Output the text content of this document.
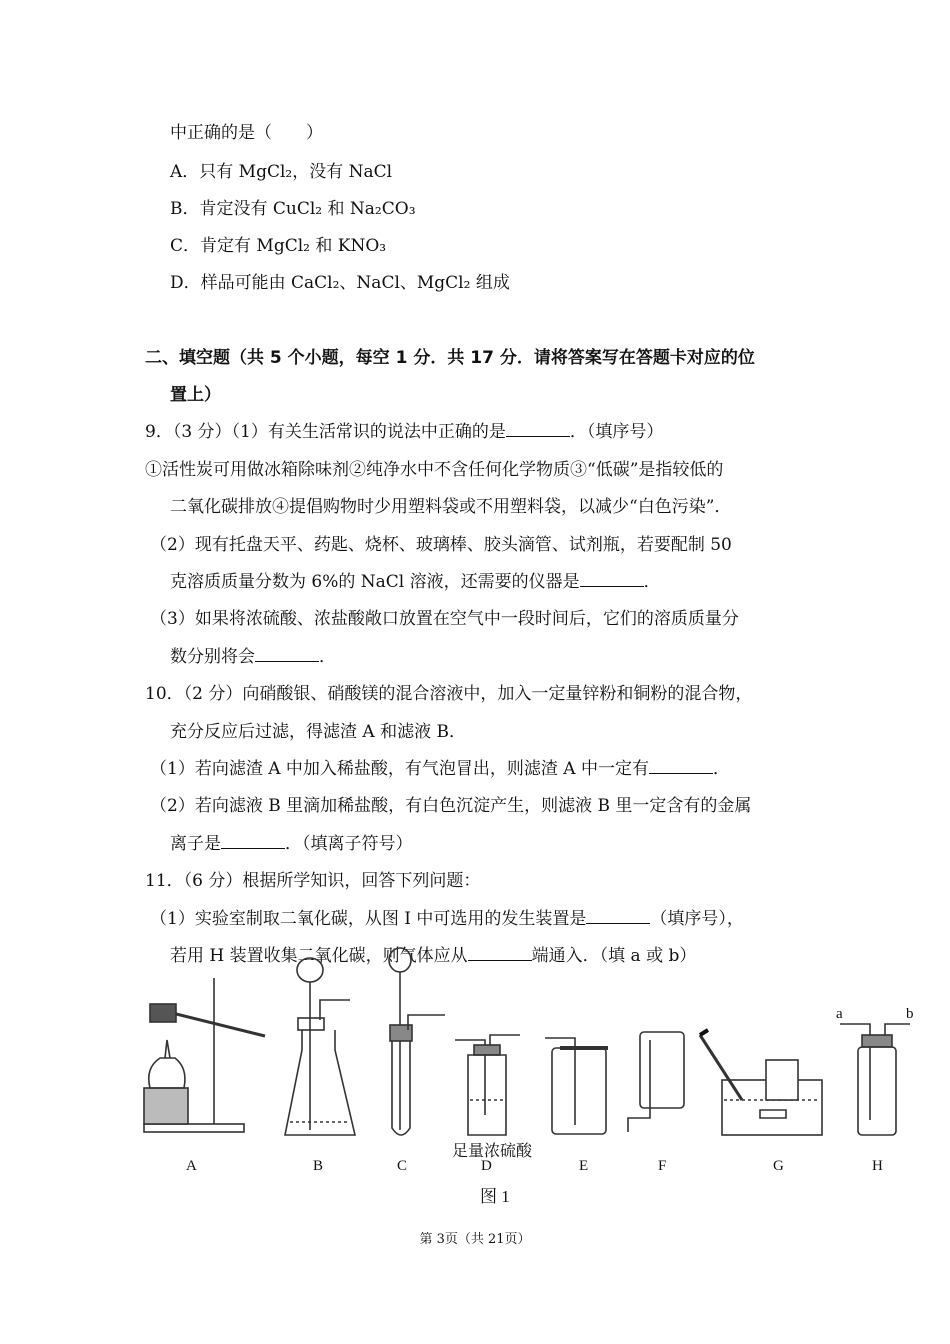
中正确的是（　　）
A．只有 MgCl₂，没有 NaCl
B．肯定没有 CuCl₂ 和 Na₂CO₃
C．肯定有 MgCl₂ 和 KNO₃
D．样品可能由 CaCl₂、NaCl、MgCl₂ 组成
二、填空题（共 5 个小题，每空 1 分．共 17 分．请将答案写在答题卡对应的位
置上）
9．（3 分）（1）有关生活常识的说法中正确的是	．（填序号）
①活性炭可用做冰箱除味剂②纯净水中不含任何化学物质③“低碳”是指较低的
二氧化碳排放④提倡购物时少用塑料袋或不用塑料袋，以减少“白色污染”．
（2）现有托盘天平、药匙、烧杯、玻璃棒、胶头滴管、试剂瓶，若要配制 50
克溶质质量分数为 6%的 NaCl 溶液，还需要的仪器是	．
（3）如果将浓硫酸、浓盐酸敞口放置在空气中一段时间后，它们的溶质质量分
数分别将会	．
10．（2 分）向硝酸银、硝酸镁的混合溶液中，加入一定量锌粉和铜粉的混合物，
充分反应后过滤，得滤渣 A 和滤液 B．
（1）若向滤渣 A 中加入稀盐酸，有气泡冒出，则滤渣 A 中一定有	．
（2）若向滤液 B 里滴加稀盐酸，有白色沉淀产生，则滤液 B 里一定含有的金属
离子是	．（填离子符号）
11．（6 分）根据所学知识，回答下列问题：
（1）实验室制取二氧化碳，从图 I 中可选用的发生装置是	（填序号），
若用 H 装置收集二氧化碳，则气体应从	端通入．（填 a 或 b）
A	B	C	D	E	F	G	H
足量浓硫酸
a	b
图 1
第 3页（共 21页）
